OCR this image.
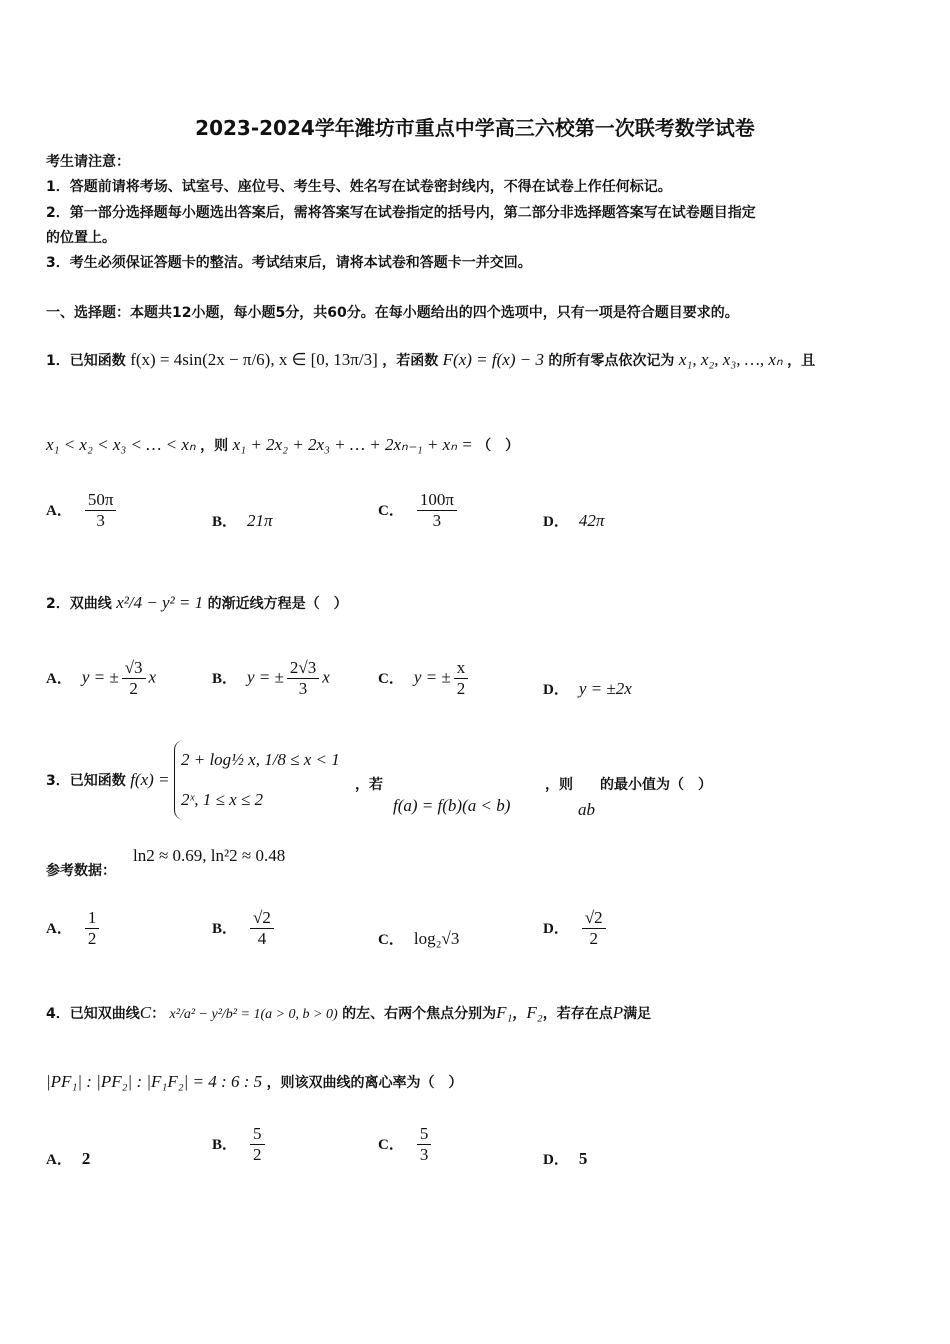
2023-2024学年潍坊市重点中学高三六校第一次联考数学试卷
考生请注意：
1．答题前请将考场、试室号、座位号、考生号、姓名写在试卷密封线内，不得在试卷上作任何标记。
2．第一部分选择题每小题选出答案后，需将答案写在试卷指定的括号内，第二部分非选择题答案写在试卷题目指定
的位置上。
3．考生必须保证答题卡的整洁。考试结束后，请将本试卷和答题卡一并交回。
一、选择题：本题共12小题，每小题5分，共60分。在每小题给出的四个选项中，只有一项是符合题目要求的。
1．已知函数 f(x) = 4sin(2x − π/6), x ∈ [0, 13π/3] ，若函数 F(x) = f(x) − 3 的所有零点依次记为 x₁, x₂, x₃, …, xₙ ，且
x₁ < x₂ < x₃ < … < xₙ ，则 x₁ + 2x₂ + 2x₃ + … + 2xₙ₋₁ + xₙ = （　）
A． $\frac{50\pi}{3}$	B． 21π
C． $\frac{100\pi}{3}$	D． 42π
2．双曲线 x²/4 − y² = 1 的渐近线方程是（　）
A． y = ± $\frac{√3}{2}$ x	B． y = ± $\frac{2√3}{3}$ x	C． y = ± $\frac{x}{2}$	D． y = ±2x
3．已知函数 f(x) =
2 + log½ x, 1/8 ≤ x < 1
2ˣ, 1 ≤ x ≤ 2
，若
f(a) = f(b)(a < b)
，则
ab
的最小值为（　）
参考数据：
ln2 ≈ 0.69, ln²2 ≈ 0.48
A． $\frac{1}{2}$	B． $\frac{√2}{4}$	C． log₂√3
D． $\frac{√2}{2}$
4．已知双曲线C： x²/a² − y²/b² = 1(a > 0, b > 0) 的左、右两个焦点分别为F₁，F₂，若存在点P满足
|PF₁| : |PF₂| : |F₁F₂| = 4 : 6 : 5 ，则该双曲线的离心率为（　）
A． 2
B． $\frac{5}{2}$	C． $\frac{5}{3}$	D． 5
